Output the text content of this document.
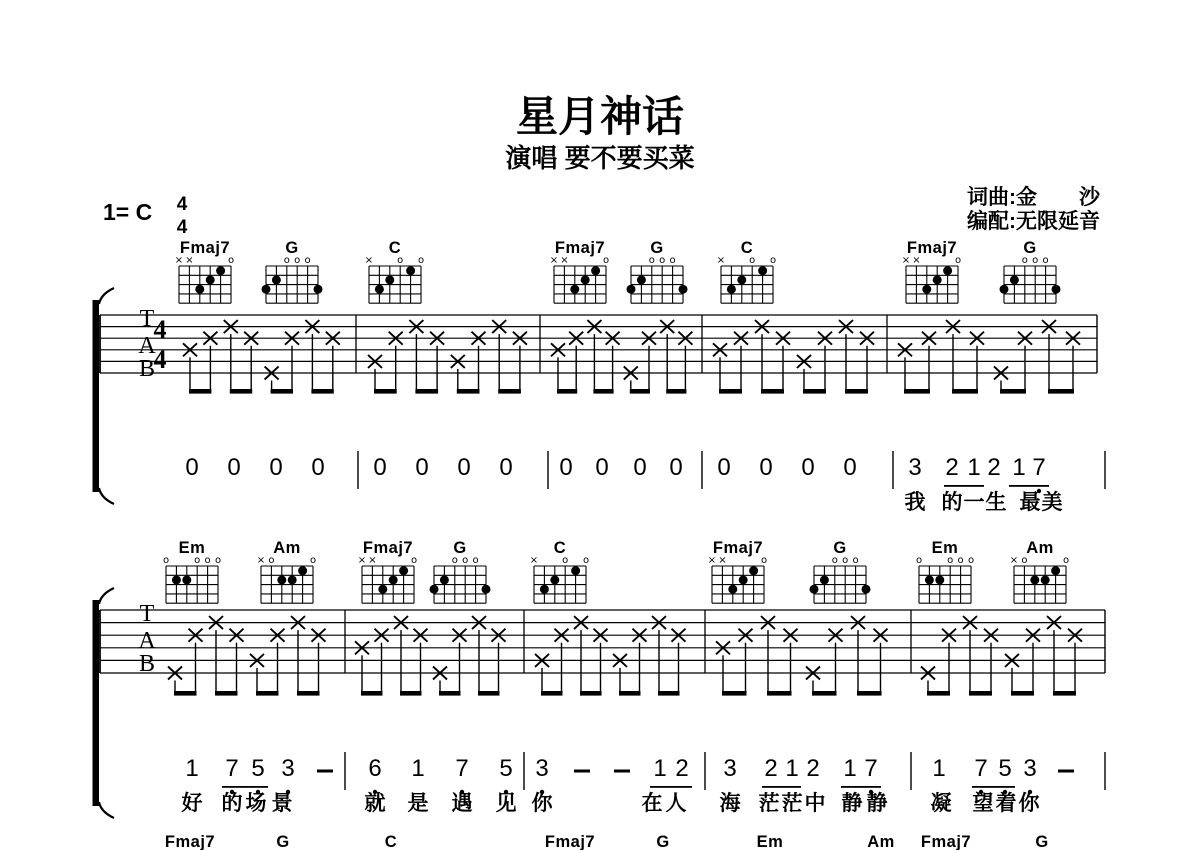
× ×	o	o o o	× o o	× ×	o	o o o	× o o	× ×	o	o o o
o	o o o	× o	o	× ×	o	o o o	× o o	× ×	o	o o o	o	o o o	× o	o
星月神话
演唱 要不要买菜
词曲:金　　沙
编配:无限延音
1= C 4
4
Fmaj7	G	C	Fmaj7	G	C	Fmaj7	G
Em	Am	Fmaj7 G	C	Fmaj7	G	Em	Am
Fmaj7	G	C	Fmaj7	G	Em	Am Fmaj7	G
T
A
B
4
4
T
A
B
0 0 0 0 0 0 0 0 0 0 0 0 0 0 0 0 3 2 1 2 1 7
我 的 一 生 最 美
1 7 5 3	6 1 7 5 3	1 2 3 2 1 2 1 7 1 7 5 3
好 的 场 景	就 是 遇 见 你	在 人 海 茫 茫 中 静 静 凝 望 着 你
